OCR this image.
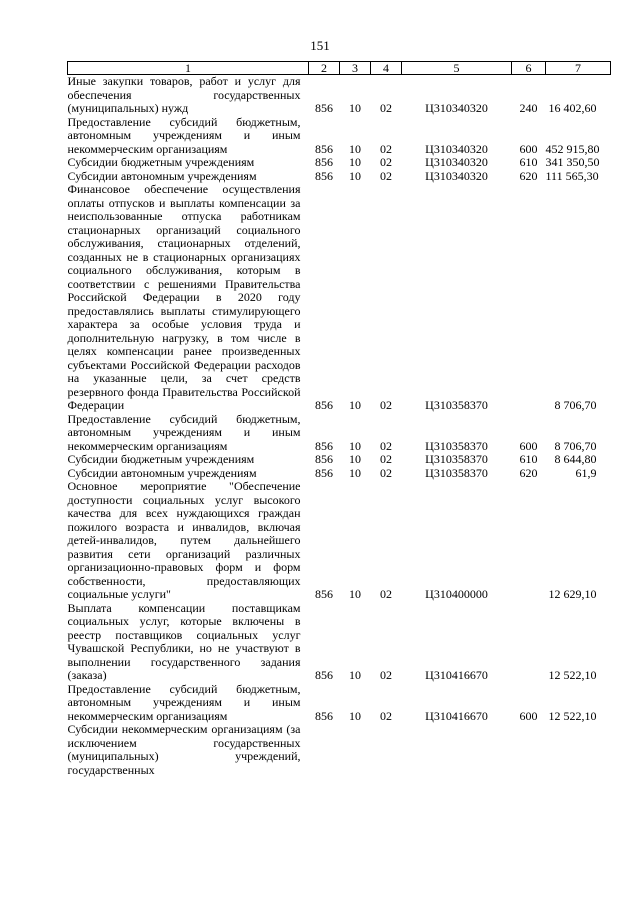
151
1	2	3	4	5	6	7
Иные закупки товаров, работ и услуг для обеспечения государственных (муниципальных) нужд	856	10	02	Ц310340320	240	16 402,60
Предоставление субсидий бюджетным, автономным учреждениям и иным некоммерческим организациям	856	10	02	Ц310340320	600	452 915,80
Субсидии бюджетным учреждениям	856	10	02	Ц310340320	610	341 350,50
Субсидии автономным учреждениям	856	10	02	Ц310340320	620	111 565,30
Финансовое обеспечение осуществления оплаты отпусков и выплаты компенсации за неиспользованные отпуска работникам стационарных организаций социального обслуживания, стационарных отделений, созданных не в стационарных организациях социального обслуживания, которым в соответствии с решениями Правительства Российской Федерации в 2020 году предоставлялись выплаты стимулирующего характера за особые условия труда и дополнительную нагрузку, в том числе в целях компенсации ранее произведенных субъектами Российской Федерации расходов на указанные цели, за счет средств резервного фонда Правительства Российской Федерации	856	10	02	Ц310358370		8 706,70
Предоставление субсидий бюджетным, автономным учреждениям и иным некоммерческим организациям	856	10	02	Ц310358370	600	8 706,70
Субсидии бюджетным учреждениям	856	10	02	Ц310358370	610	8 644,80
Субсидии автономным учреждениям	856	10	02	Ц310358370	620	61,9
Основное мероприятие "Обеспечение доступности социальных услуг высокого качества для всех нуждающихся граждан пожилого возраста и инвалидов, включая детей-инвалидов, путем дальнейшего развития сети организаций различных организационно-правовых форм и форм собственности, предоставляющих социальные услуги"	856	10	02	Ц310400000		12 629,10
Выплата компенсации поставщикам социальных услуг, которые включены в реестр поставщиков социальных услуг Чувашской Республики, но не участвуют в выполнении государственного задания (заказа)	856	10	02	Ц310416670		12 522,10
Предоставление субсидий бюджетным, автономным учреждениям и иным некоммерческим организациям	856	10	02	Ц310416670	600	12 522,10
Субсидии некоммерческим организациям (за исключением государственных (муниципальных) учреждений, государственных						
